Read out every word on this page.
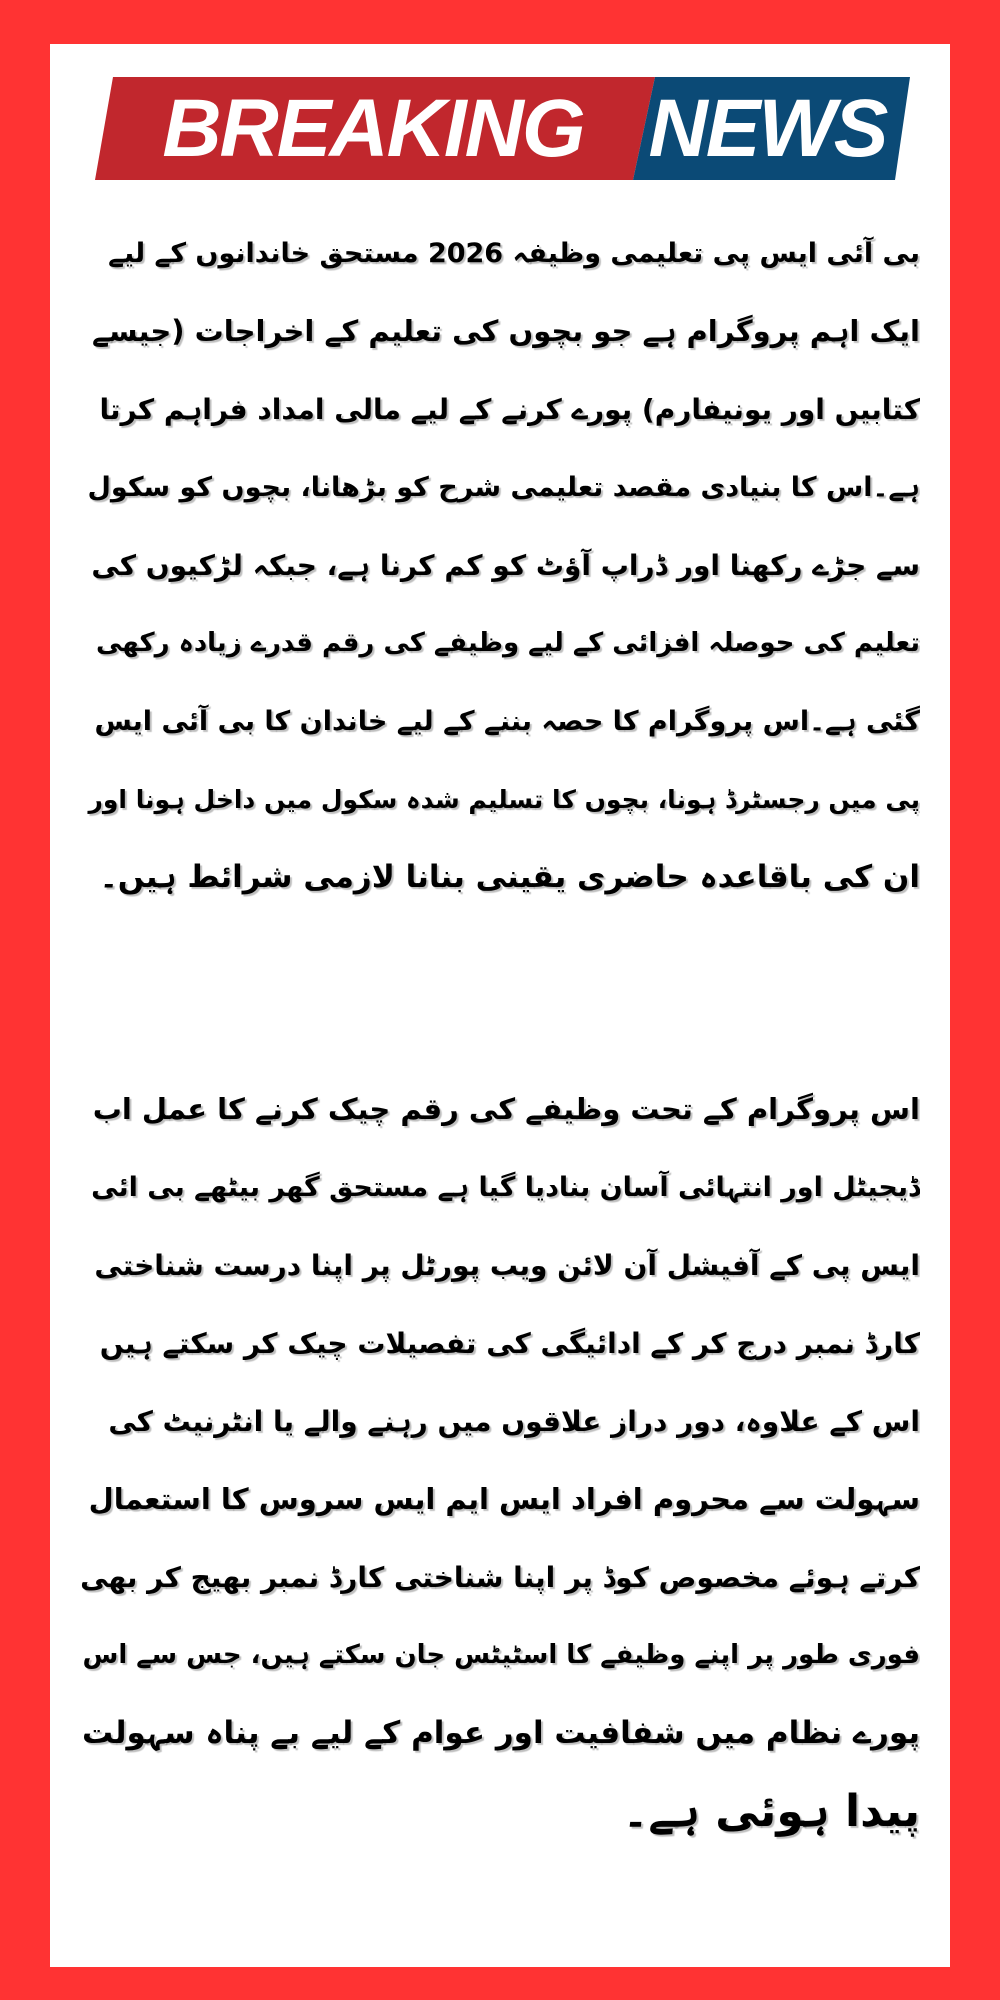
BREAKING NEWS
بی آئی ایس پی تعلیمی وظیفہ 2026 مستحق خاندانوں کے لیے
ایک اہم پروگرام ہے جو بچوں کی تعلیم کے اخراجات (جیسے
کتابیں اور یونیفارم) پورے کرنے کے لیے مالی امداد فراہم کرتا
ہے۔اس کا بنیادی مقصد تعلیمی شرح کو بڑھانا، بچوں کو سکول
سے جڑے رکھنا اور ڈراپ آؤٹ کو کم کرنا ہے، جبکہ لڑکیوں کی
تعلیم کی حوصلہ افزائی کے لیے وظیفے کی رقم قدرے زیادہ رکھی
گئی ہے۔اس پروگرام کا حصہ بننے کے لیے خاندان کا بی آئی ایس
پی میں رجسٹرڈ ہونا، بچوں کا تسلیم شدہ سکول میں داخل ہونا اور
ان کی باقاعدہ حاضری یقینی بنانا لازمی شرائط ہیں۔
اس پروگرام کے تحت وظیفے کی رقم چیک کرنے کا عمل اب
ڈیجیٹل اور انتہائی آسان بنادیا گیا ہے مستحق گھر بیٹھے بی ائی
ایس پی کے آفیشل آن لائن ویب پورٹل پر اپنا درست شناختی
کارڈ نمبر درج کر کے ادائیگی کی تفصیلات چیک کر سکتے ہیں
اس کے علاوہ، دور دراز علاقوں میں رہنے والے یا انٹرنیٹ کی
سہولت سے محروم افراد ایس ایم ایس سروس کا استعمال
کرتے ہوئے مخصوص کوڈ پر اپنا شناختی کارڈ نمبر بھیج کر بھی
فوری طور پر اپنے وظیفے کا اسٹیٹس جان سکتے ہیں، جس سے اس
پورے نظام میں شفافیت اور عوام کے لیے بے پناہ سہولت
پیدا ہوئی ہے۔
